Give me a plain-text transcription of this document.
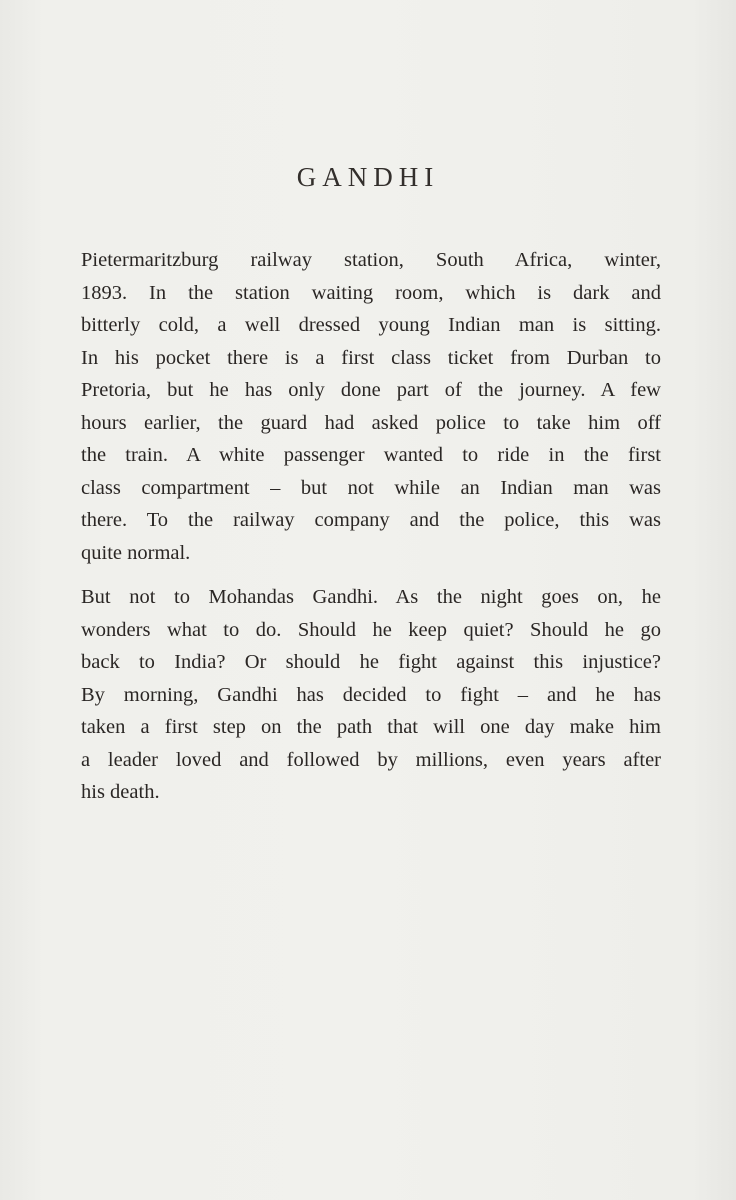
GANDHI

Pietermaritzburg railway station, South Africa, winter,
1893. In the station waiting room, which is dark and
bitterly cold, a well dressed young Indian man is sitting.
In his pocket there is a first class ticket from Durban to
Pretoria, but he has only done part of the journey. A few
hours earlier, the guard had asked police to take him off
the train. A white passenger wanted to ride in the first
class compartment – but not while an Indian man was
there. To the railway company and the police, this was
quite normal.

But not to Mohandas Gandhi. As the night goes on, he
wonders what to do. Should he keep quiet? Should he go
back to India? Or should he fight against this injustice?
By morning, Gandhi has decided to fight – and he has
taken a first step on the path that will one day make him
a leader loved and followed by millions, even years after
his death.
